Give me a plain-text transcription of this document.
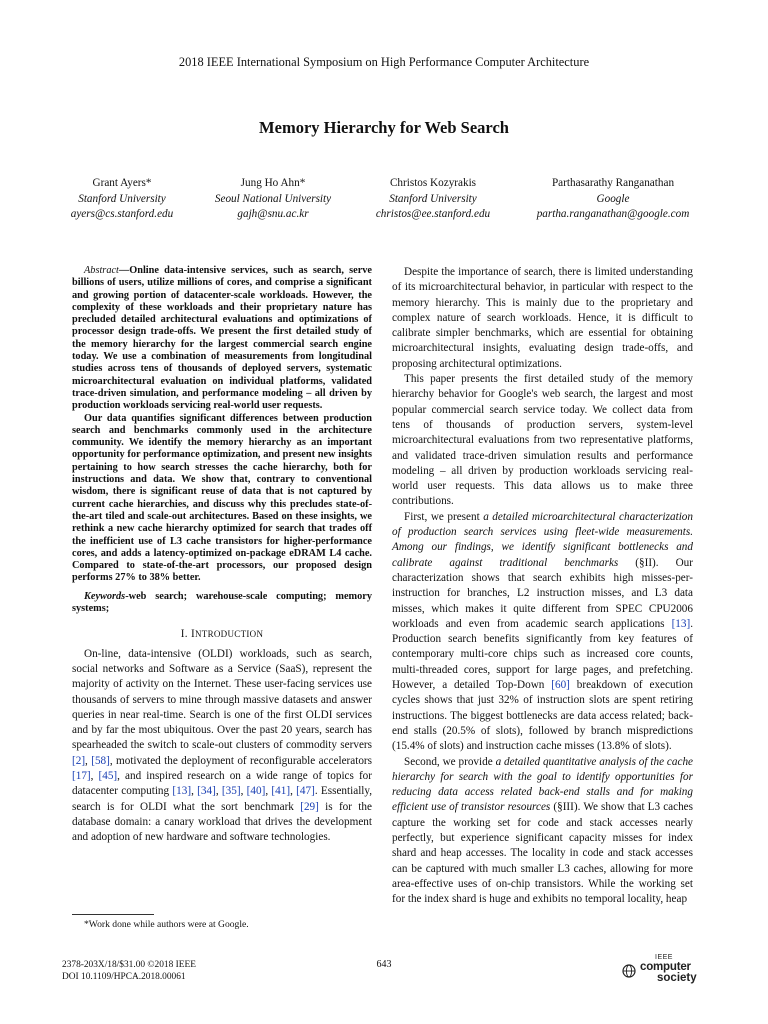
2018 IEEE International Symposium on High Performance Computer Architecture
Memory Hierarchy for Web Search
Grant Ayers*
Stanford University
ayers@cs.stanford.edu
Jung Ho Ahn*
Seoul National University
gajh@snu.ac.kr
Christos Kozyrakis
Stanford University
christos@ee.stanford.edu
Parthasarathy Ranganathan
Google
partha.ranganathan@google.com

Abstract—Online data-intensive services, such as search, serve billions of users, utilize millions of cores, and comprise a significant and growing portion of datacenter-scale workloads. However, the complexity of these workloads and their proprietary nature has precluded detailed architectural evaluations and optimizations of processor design trade-offs. We present the first detailed study of the memory hierarchy for the largest commercial search engine today. We use a combination of measurements from longitudinal studies across tens of thousands of deployed servers, systematic microarchitectural evaluation on individual platforms, validated trace-driven simulation, and performance modeling – all driven by production workloads servicing real-world user requests.

Our data quantifies significant differences between production search and benchmarks commonly used in the architecture community. We identify the memory hierarchy as an important opportunity for performance optimization, and present new insights pertaining to how search stresses the cache hierarchy, both for instructions and data. We show that, contrary to conventional wisdom, there is significant reuse of data that is not captured by current cache hierarchies, and discuss why this precludes state-of-the-art tiled and scale-out architectures. Based on these insights, we rethink a new cache hierarchy optimized for search that trades off the inefficient use of L3 cache transistors for higher-performance cores, and adds a latency-optimized on-package eDRAM L4 cache. Compared to state-of-the-art processors, our proposed design performs 27% to 38% better.

Keywords-web search; warehouse-scale computing; memory systems;

I. INTRODUCTION

On-line, data-intensive (OLDI) workloads, such as search, social networks and Software as a Service (SaaS), represent the majority of activity on the Internet. These user-facing services use thousands of servers to mine through massive datasets and answer queries in near real-time. Search is one of the first OLDI services and by far the most ubiquitous. Over the past 20 years, search has spearheaded the switch to scale-out clusters of commodity servers [2], [58], motivated the deployment of reconfigurable accelerators [17], [45], and inspired research on a wide range of topics for datacenter computing [13], [34], [35], [40], [41], [47]. Essentially, search is for OLDI what the sort benchmark [29] is for the database domain: a canary workload that drives the development and adoption of new hardware and software technologies.

Despite the importance of search, there is limited understanding of its microarchitectural behavior, in particular with respect to the memory hierarchy. This is mainly due to the proprietary and complex nature of search workloads. Hence, it is difficult to calibrate simpler benchmarks, which are essential for obtaining microarchitectural insights, evaluating design trade-offs, and proposing architectural optimizations.

This paper presents the first detailed study of the memory hierarchy behavior for Google's web search, the largest and most popular commercial search service today. We collect data from tens of thousands of production servers, system-level microarchitectural evaluations from two representative platforms, and validated trace-driven simulation results and performance modeling – all driven by production workloads servicing real-world user requests. This data allows us to make three contributions.

First, we present a detailed microarchitectural characterization of production search services using fleet-wide measurements. Among our findings, we identify significant bottlenecks and calibrate against traditional benchmarks (§II). Our characterization shows that search exhibits high misses-per-instruction for branches, L2 instruction misses, and L3 data misses, which makes it quite different from SPEC CPU2006 workloads and even from academic search applications [13]. Production search benefits significantly from key features of contemporary multi-core chips such as increased core counts, multi-threaded cores, support for large pages, and prefetching. However, a detailed Top-Down [60] breakdown of execution cycles shows that just 32% of instruction slots are spent retiring instructions. The biggest bottlenecks are data access related; back-end stalls (20.5% of slots), followed by branch mispredictions (15.4% of slots) and instruction cache misses (13.8% of slots).

Second, we provide a detailed quantitative analysis of the cache hierarchy for search with the goal to identify opportunities for reducing data access related back-end stalls and for making efficient use of transistor resources (§III). We show that L3 caches capture the working set for code and stack accesses nearly perfectly, but experience significant capacity misses for index shard and heap accesses. The locality in code and stack accesses can be captured with much smaller L3 caches, allowing for more area-effective uses of on-chip transistors. While the working set for the index shard is huge and exhibits no temporal locality, heap

*Work done while authors were at Google.
2378-203X/18/$31.00 ©2018 IEEE
DOI 10.1109/HPCA.2018.00061
643
IEEE
computer
society
